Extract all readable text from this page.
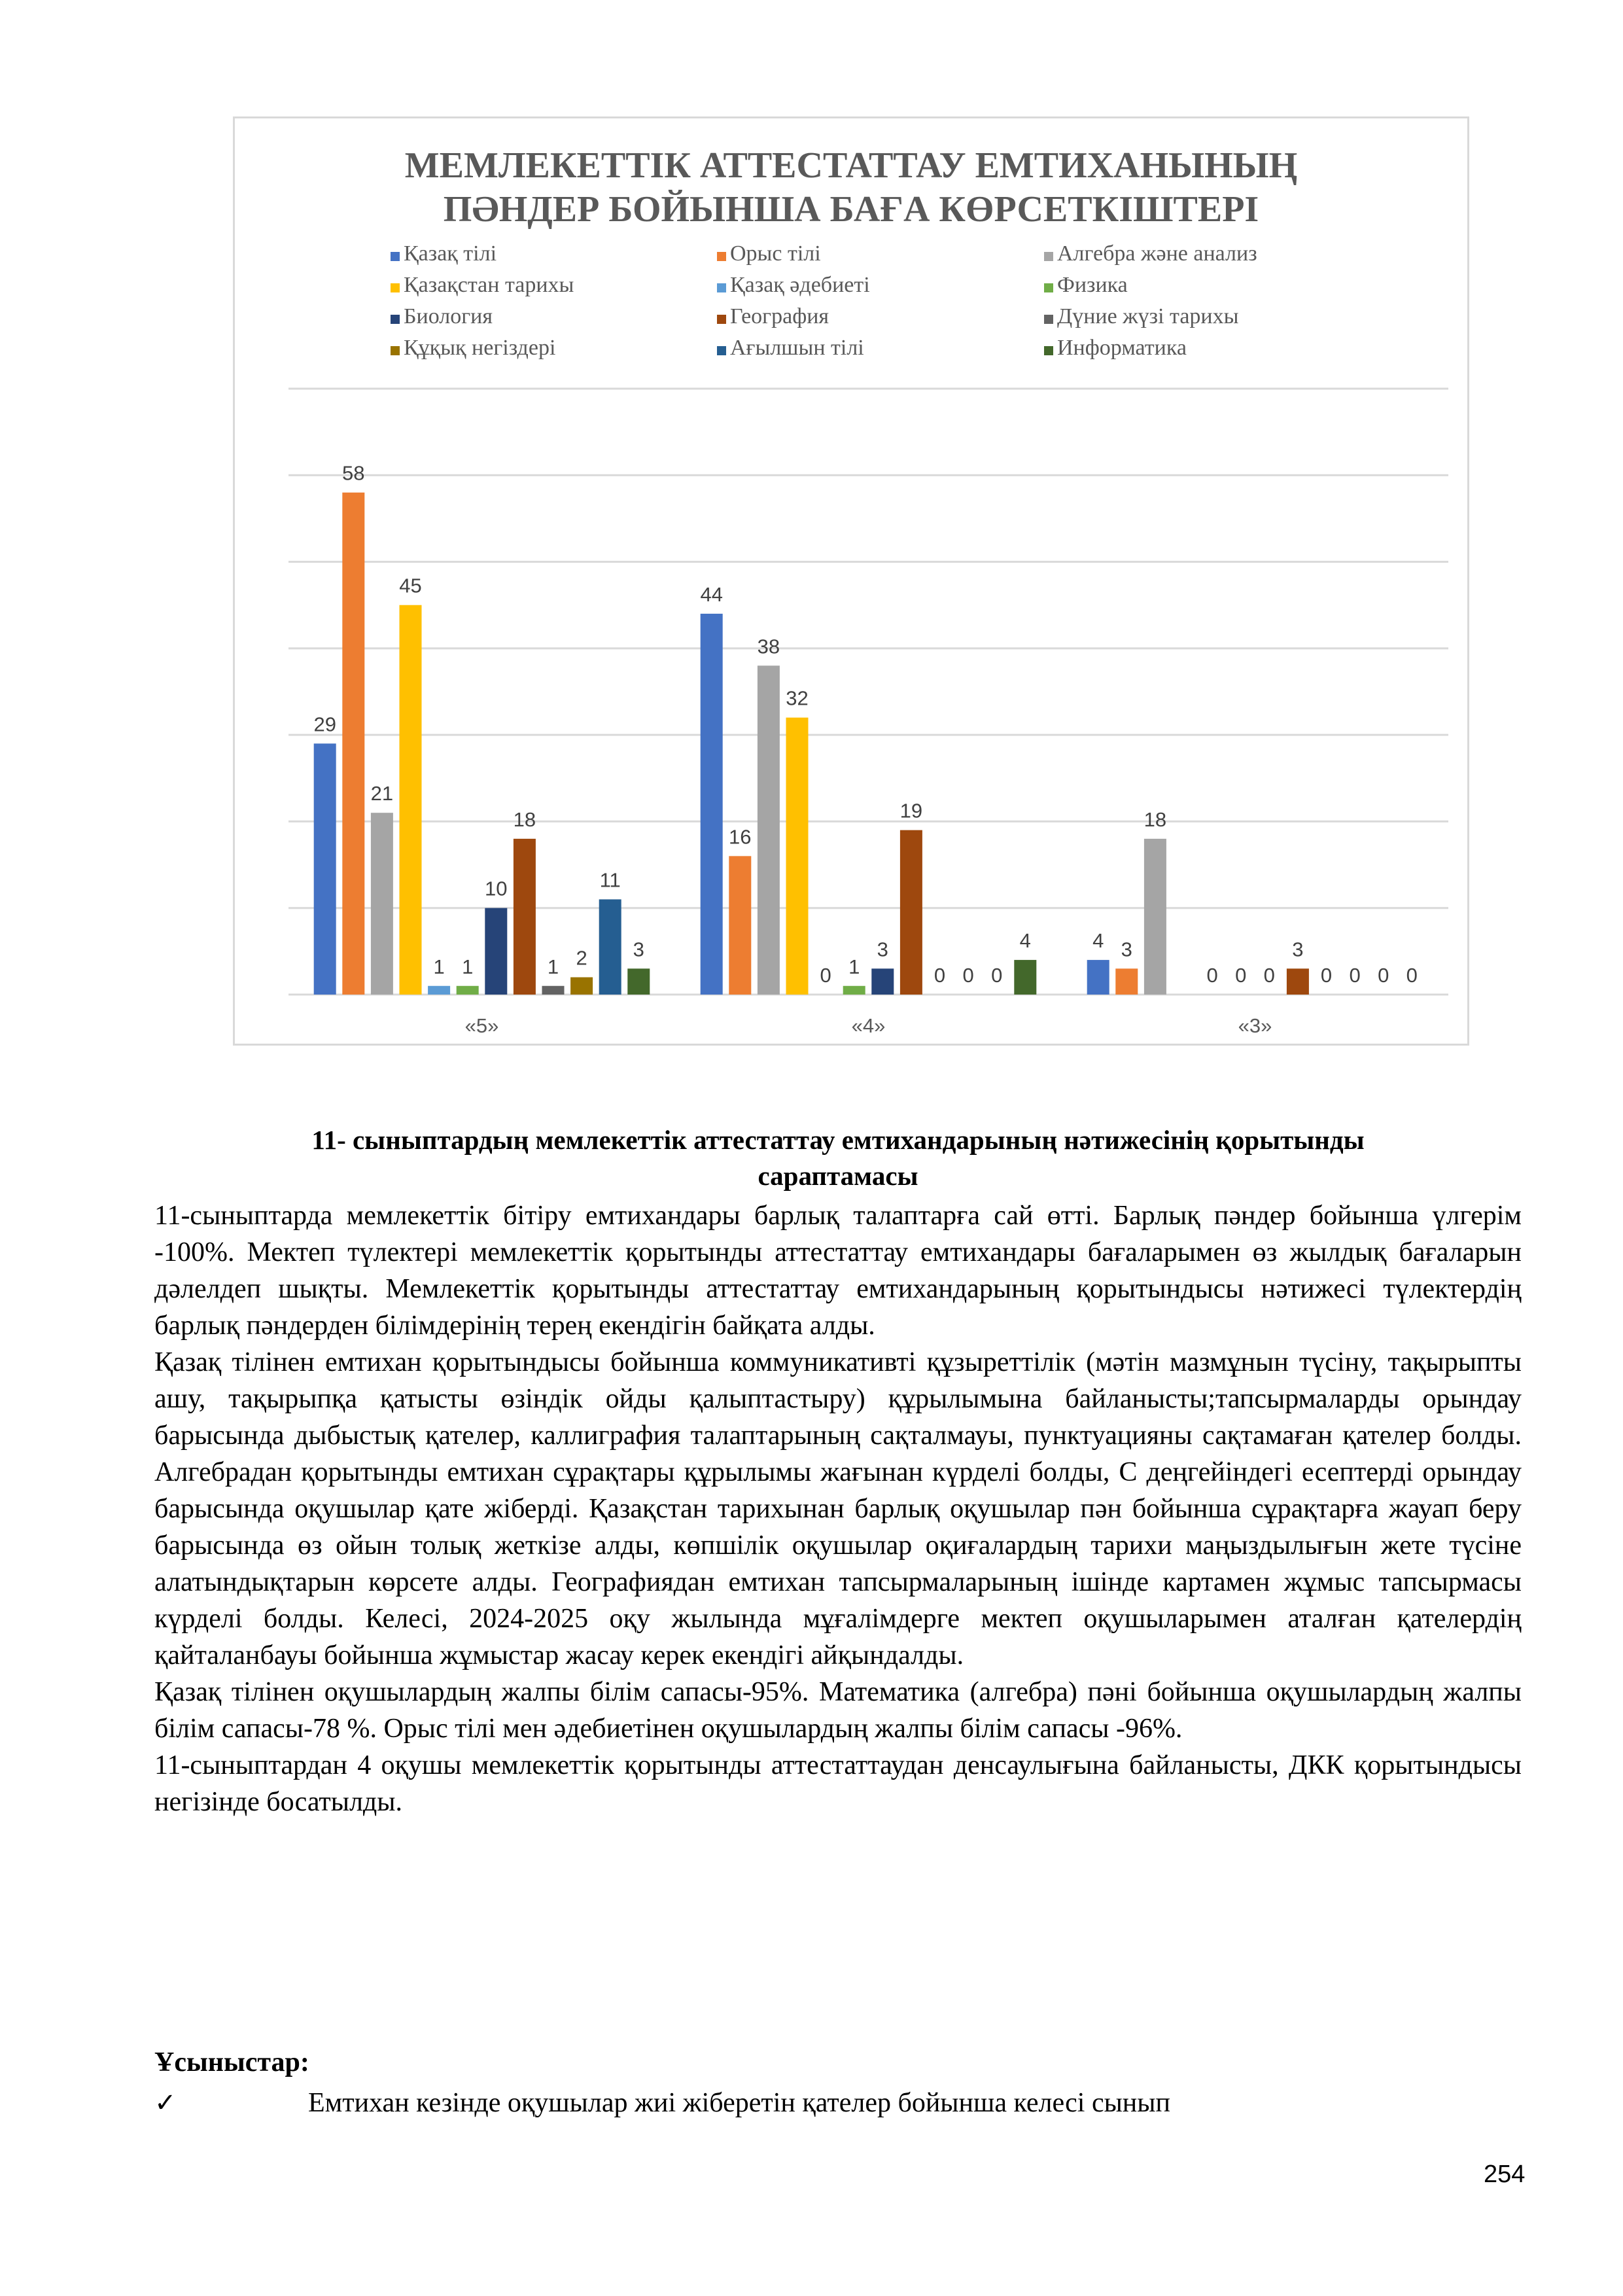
МЕМЛЕКЕТТІК АТТЕСТАТТАУ ЕМТИХАНЫНЫҢ
ПӘНДЕР БОЙЫНША БАҒА КӨРСЕТКІШТЕРІ
Қазақ тілі	Орыс тілі	Алгебра және анализ
Қазақстан тарихы	Қазақ әдебиеті	Физика
Биология	География	Дүние жүзі тарихы
Құқық негіздері	Ағылшын тілі	Информатика
29
58
21
45
1 1
10
18
1 2
11
3
«5»
44
16
38
32
0 1
3
19
0 0 0
4
«4»
4 3
18
0 0 0
3
0 0 0 0
«3»
11- сыныптардың мемлекеттік аттестаттау емтихандарының нәтижесінің қорытынды
сараптамасы

11-сыныптарда мемлекеттік бітіру емтихандары барлық талаптарға сай өтті. Барлық пәндер бойынша үлгерім -100%. Мектеп түлектері мемлекеттік қорытынды аттестаттау емтихандары бағаларымен өз жылдық бағаларын дәлелдеп шықты. Мемлекеттік қорытынды аттестаттау емтихандарының қорытындысы нәтижесі түлектердің барлық пәндерден білімдерінің терең екендігін байқата алды.

Қазақ тілінен емтихан қорытындысы бойынша коммуникативті құзыреттілік (мәтін мазмұнын түсіну, тақырыпты ашу, тақырыпқа қатысты өзіндік ойды қалыптастыру) құрылымына байланысты;тапсырмаларды орындау барысында дыбыстық қателер, каллиграфия талаптарының сақталмауы, пунктуацияны сақтамаған қателер болды. Алгебрадан қорытынды емтихан сұрақтары құрылымы жағынан күрделі болды, С деңгейіндегі есептерді орындау барысында оқушылар қате жіберді. Қазақстан тарихынан барлық оқушылар пән бойынша сұрақтарға жауап беру барысында өз ойын толық жеткізе алды, көпшілік оқушылар оқиғалардың тарихи маңыздылығын жете түсіне алатындықтарын көрсете алды. Географиядан емтихан тапсырмаларының ішінде картамен жұмыс тапсырмасы күрделі болды. Келесі, 2024-2025 оқу жылында мұғалімдерге мектеп оқушыларымен аталған қателердің қайталанбауы бойынша жұмыстар жасау керек екендігі айқындалды.

Қазақ тілінен оқушылардың жалпы білім сапасы-95%. Математика (алгебра) пәні бойынша оқушылардың жалпы білім сапасы-78 %. Орыс тілі мен әдебиетінен оқушылардың жалпы білім сапасы -96%.

11-сыныптардан 4 оқушы мемлекеттік қорытынды аттестаттаудан денсаулығына байланысты, ДКК қорытындысы негізінде босатылды.

Ұсыныстар:
✓	Емтихан кезінде оқушылар жиі жіберетін қателер бойынша келесі сынып
254
